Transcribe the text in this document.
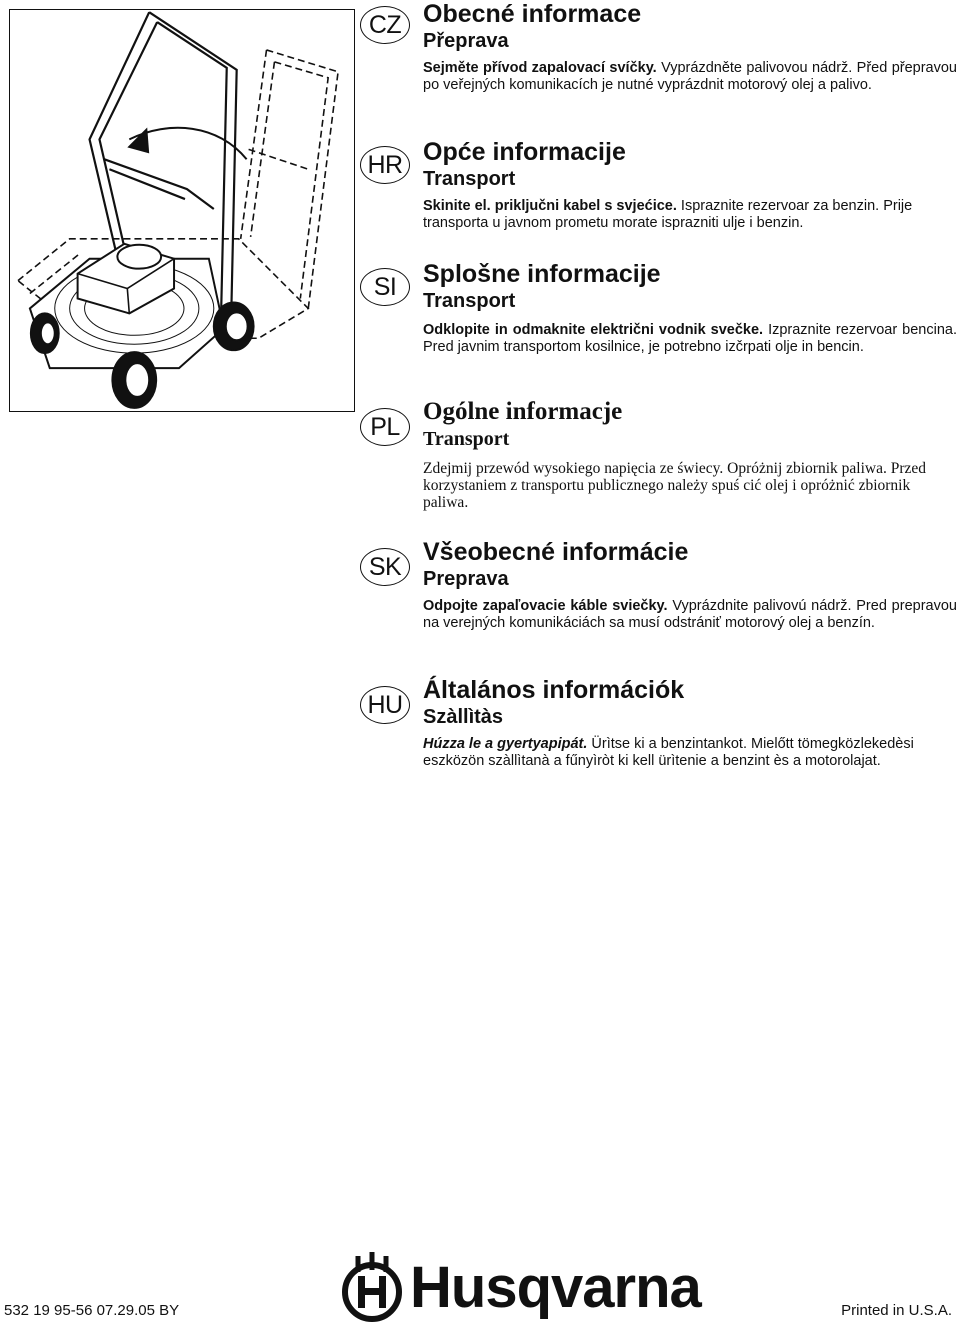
CZ Obecné informace
Přeprava

Sejměte přívod zapalovací svíčky. Vyprázdněte palivovou nádrž. Před přepravou po veřejných komunikacích je nutné vyprázdnit motorový olej a palivo.

HR Opće informacije
Transport

Skinite el. priključni kabel s svjećice. Ispraznite rezervoar za benzin. Prije transporta u javnom prometu morate isprazniti ulje i benzin.

SI	Splošne informacije
Transport

Odklopite in odmaknite električni vodnik svečke. Izpraznite rezervoar bencina. Pred javnim transportom kosilnice, je potrebno izčrpati olje in bencin.

PL
Ogólne informacje
Transport

Zdejmij przewód wysokiego napięcia ze świecy. Opróżnij zbiornik paliwa. Przed korzystaniem z transportu publicznego należy spuś cić olej i opróżnić zbiornik paliwa.

SK
Všeobecné informácie
Preprava

Odpojte zapaľovacie káble sviečky. Vyprázdnite palivovú nádrž. Pred prepravou na verejných komunikáciách sa musí odstrániť motorový olej a benzín.

HU
Általános információk
Szàllìtàs

Húzza le a gyertyapipát. Ürìtse ki a benzintankot. Mielőtt tömegközlekedèsi eszközön szàllìtanà a fűnyìròt ki kell ürìtenie a benzint ès a motorolajat.

532 19 95-56 07.29.05 BY	Husqvarna	Printed in U.S.A.
